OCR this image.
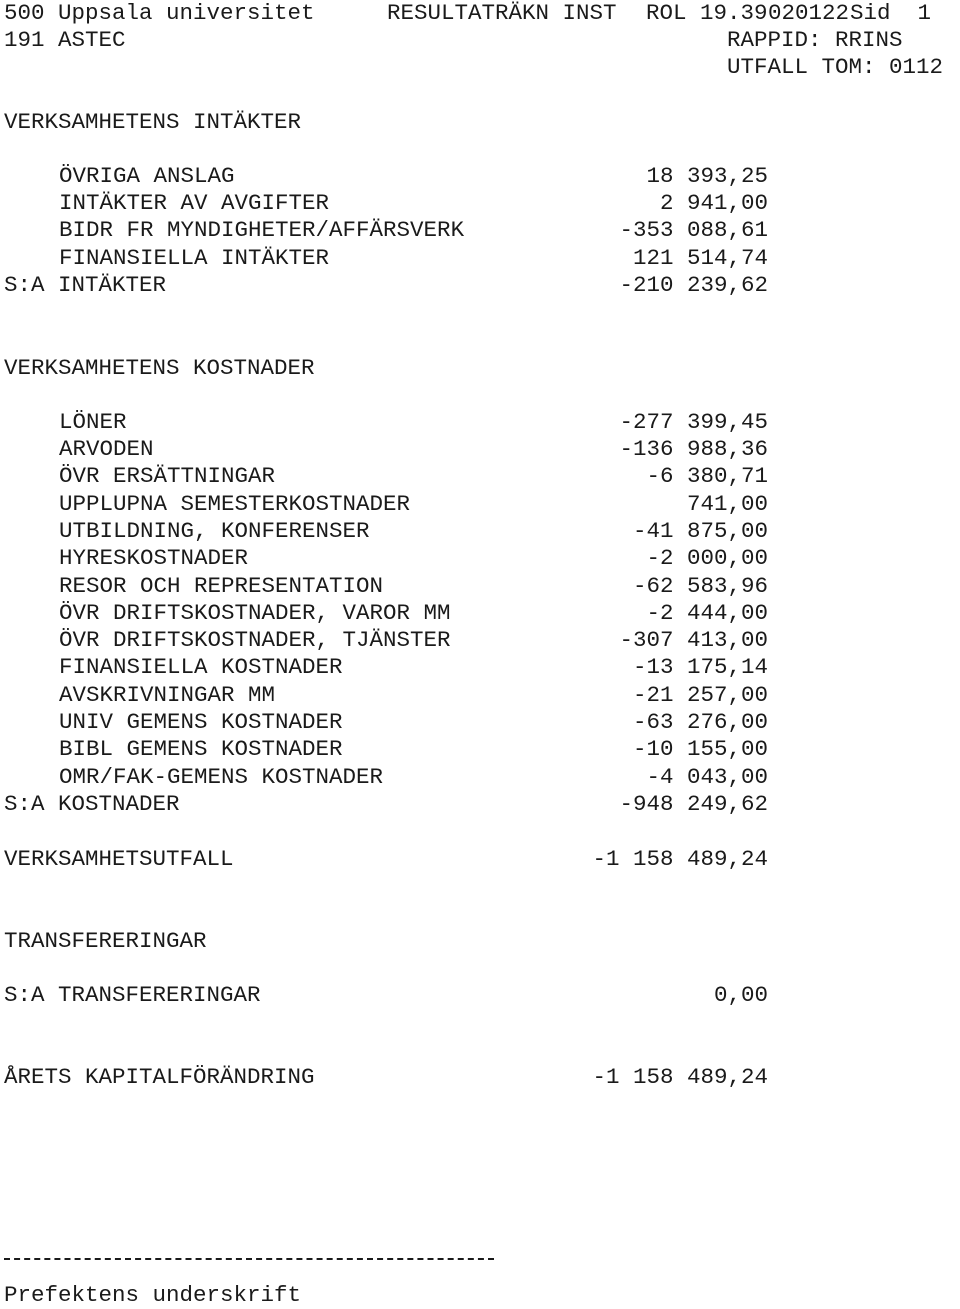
500 Uppsala universitet	RESULTATRÄKN INST ROL 19.39 020122 Sid  1
191 ASTEC	RAPPID: RRINS
UTFALL TOM: 0112
VERKSAMHETENS INTÄKTER
ÖVRIGA ANSLAG	18 393,25
INTÄKTER AV AVGIFTER	2 941,00
BIDR FR MYNDIGHETER/AFFÄRSVERK	-353 088,61
FINANSIELLA INTÄKTER	121 514,74
S:A INTÄKTER	-210 239,62
VERKSAMHETENS KOSTNADER
LÖNER	-277 399,45
ARVODEN	-136 988,36
ÖVR ERSÄTTNINGAR	-6 380,71
UPPLUPNA SEMESTERKOSTNADER	741,00
UTBILDNING, KONFERENSER	-41 875,00
HYRESKOSTNADER	-2 000,00
RESOR OCH REPRESENTATION	-62 583,96
ÖVR DRIFTSKOSTNADER, VAROR MM	-2 444,00
ÖVR DRIFTSKOSTNADER, TJÄNSTER	-307 413,00
FINANSIELLA KOSTNADER	-13 175,14
AVSKRIVNINGAR MM	-21 257,00
UNIV GEMENS KOSTNADER	-63 276,00
BIBL GEMENS KOSTNADER	-10 155,00
OMR/FAK-GEMENS KOSTNADER	-4 043,00
S:A KOSTNADER	-948 249,62
VERKSAMHETSUTFALL	-1 158 489,24
TRANSFERERINGAR
S:A TRANSFERERINGAR	0,00
ÅRETS KAPITALFÖRÄNDRING	-1 158 489,24
Prefektens underskrift
